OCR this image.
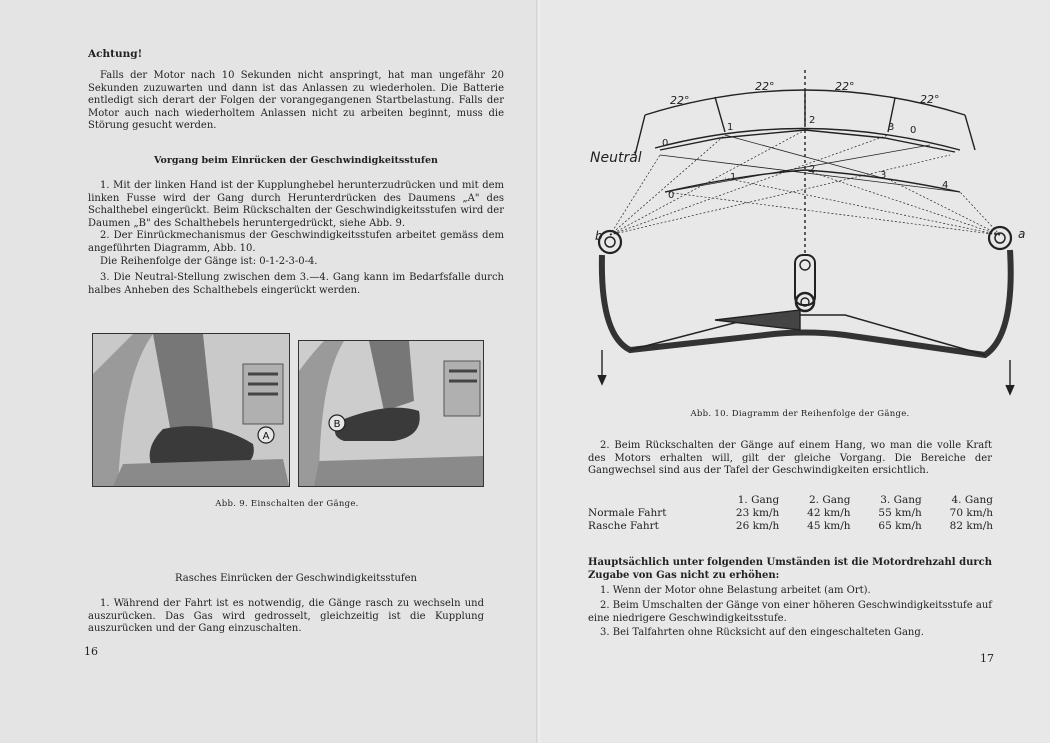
Achtung!
Falls der Motor nach 10 Sekunden nicht anspringt, hat man ungefähr 20 Sekunden zuzuwarten und dann ist das Anlassen zu wiederholen. Die Batterie entledigt sich derart der Folgen der vorangegangenen Startbelastung. Falls der Motor auch nach wiederholtem Anlassen nicht zu arbeiten beginnt, muss die Störung gesucht werden.
Vorgang beim Einrücken der Geschwindigkeitsstufen
1. Mit der linken Hand ist der Kupplunghebel herunterzudrücken und mit dem linken Fusse wird der Gang durch Herunterdrücken des Daumens „A" des Schalthebel eingerückt. Beim Rückschalten der Geschwindigkeitsstufen wird der Daumen „B" des Schalthebels heruntergedrückt, siehe Abb. 9.
2. Der Einrückmechanismus der Geschwindigkeitsstufen arbeitet gemäss dem angeführten Diagramm, Abb. 10.
Die Reihenfolge der Gänge ist: 0-1-2-3-0-4.
3. Die Neutral-Stellung zwischen dem 3.—4. Gang kann im Bedarfsfalle durch halbes Anheben des Schalthebels eingerückt werden.
A
B
Abb. 9. Einschalten der Gänge.
Rasches Einrücken der Geschwindigkeitsstufen
1. Während der Fahrt ist es notwendig, die Gänge rasch zu wechseln und auszurücken. Das Gas wird gedrosselt, gleichzeitig ist die Kupplung auszurücken und der Gang einzuschalten.
16
22°
22°	22°
22°
Neutrál
b	a
0
1
2
3 0
0
1
2
3
4
Abb. 10. Diagramm der Reihenfolge der Gänge.
2. Beim Rückschalten der Gänge auf einem Hang, wo man die volle Kraft des Motors erhalten will, gilt der gleiche Vorgang. Die Bereiche der Gangwechsel sind aus der Tafel der Geschwindigkeiten ersichtlich.
	1. Gang	2. Gang	3. Gang	4. Gang
Normale Fahrt	23 km/h	42 km/h	55 km/h	70 km/h
Rasche Fahrt	26 km/h	45 km/h	65 km/h	82 km/h
Hauptsächlich unter folgenden Umständen ist die Motordrehzahl durch Zugabe von Gas nicht zu erhöhen:
1. Wenn der Motor ohne Belastung arbeitet (am Ort).
2. Beim Umschalten der Gänge von einer höheren Geschwindigkeitsstufe auf eine niedrigere Geschwindigkeitsstufe.
3. Bei Talfahrten ohne Rücksicht auf den eingeschalteten Gang.
17
